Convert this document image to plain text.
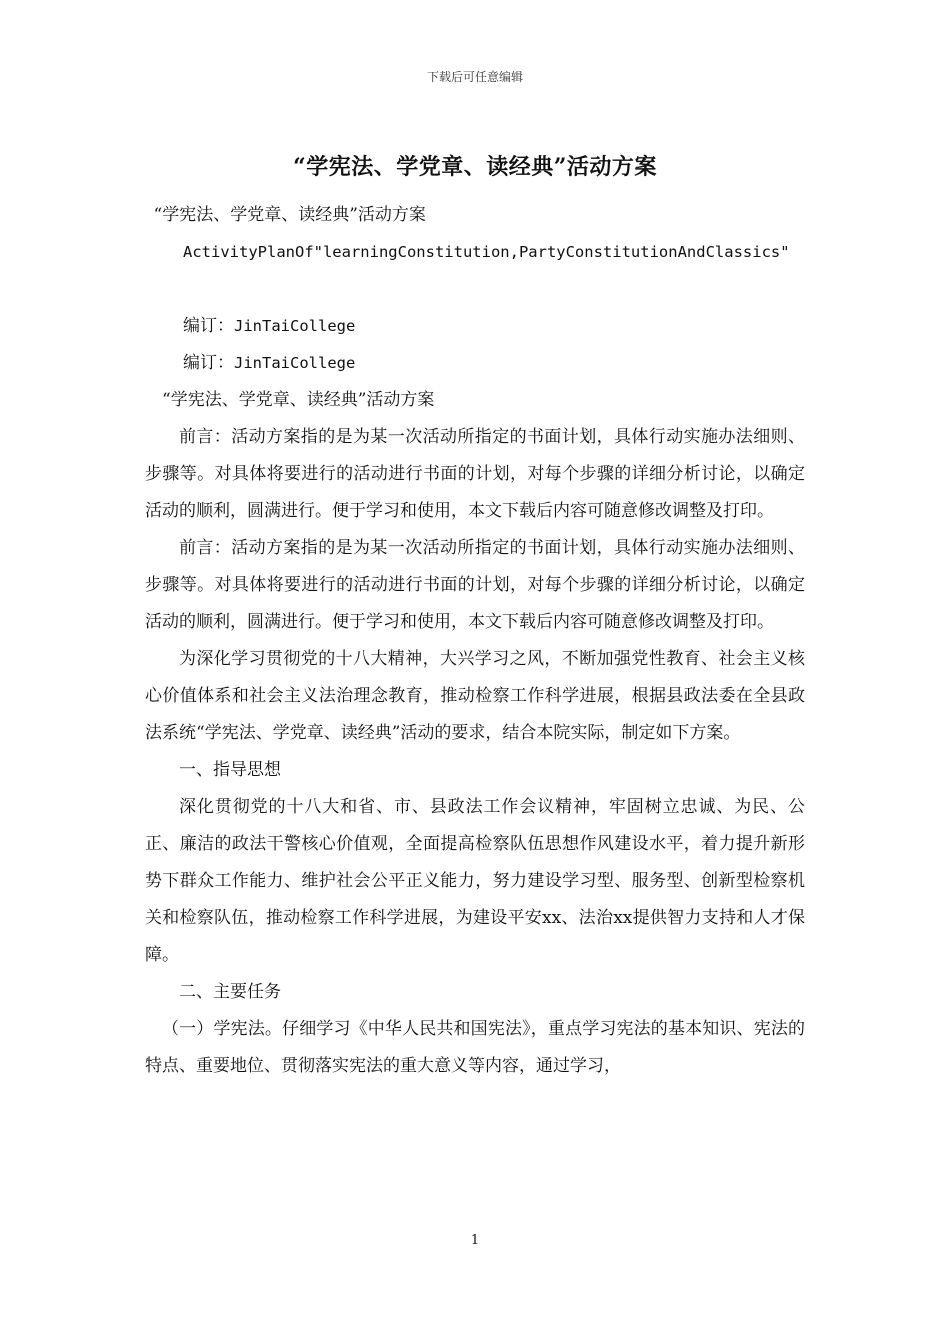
下载后可任意编辑
“学宪法、学党章、读经典”活动方案

“学宪法、学党章、读经典”活动方案

ActivityPlanOf"learningConstitution,PartyConstitutionAndClassics"

编订：JinTaiCollege

编订：JinTaiCollege

“学宪法、学党章、读经典”活动方案

前言：活动方案指的是为某一次活动所指定的书面计划，具体行动实施办法细则、步骤等。对具体将要进行的活动进行书面的计划，对每个步骤的详细分析讨论，以确定活动的顺利，圆满进行。便于学习和使用，本文下载后内容可随意修改调整及打印。

前言：活动方案指的是为某一次活动所指定的书面计划，具体行动实施办法细则、步骤等。对具体将要进行的活动进行书面的计划，对每个步骤的详细分析讨论，以确定活动的顺利，圆满进行。便于学习和使用，本文下载后内容可随意修改调整及打印。

为深化学习贯彻党的十八大精神，大兴学习之风，不断加强党性教育、社会主义核心价值体系和社会主义法治理念教育，推动检察工作科学进展，根据县政法委在全县政法系统“学宪法、学党章、读经典”活动的要求，结合本院实际，制定如下方案。

一、指导思想

深化贯彻党的十八大和省、市、县政法工作会议精神，牢固树立忠诚、为民、公正、廉洁的政法干警核心价值观，全面提高检察队伍思想作风建设水平，着力提升新形势下群众工作能力、维护社会公平正义能力，努力建设学习型、服务型、创新型检察机关和检察队伍，推动检察工作科学进展，为建设平安xx、法治xx提供智力支持和人才保障。

二、主要任务

（一）学宪法。仔细学习《中华人民共和国宪法》，重点学习宪法的基本知识、宪法的特点、重要地位、贯彻落实宪法的重大意义等内容，通过学习，

1
